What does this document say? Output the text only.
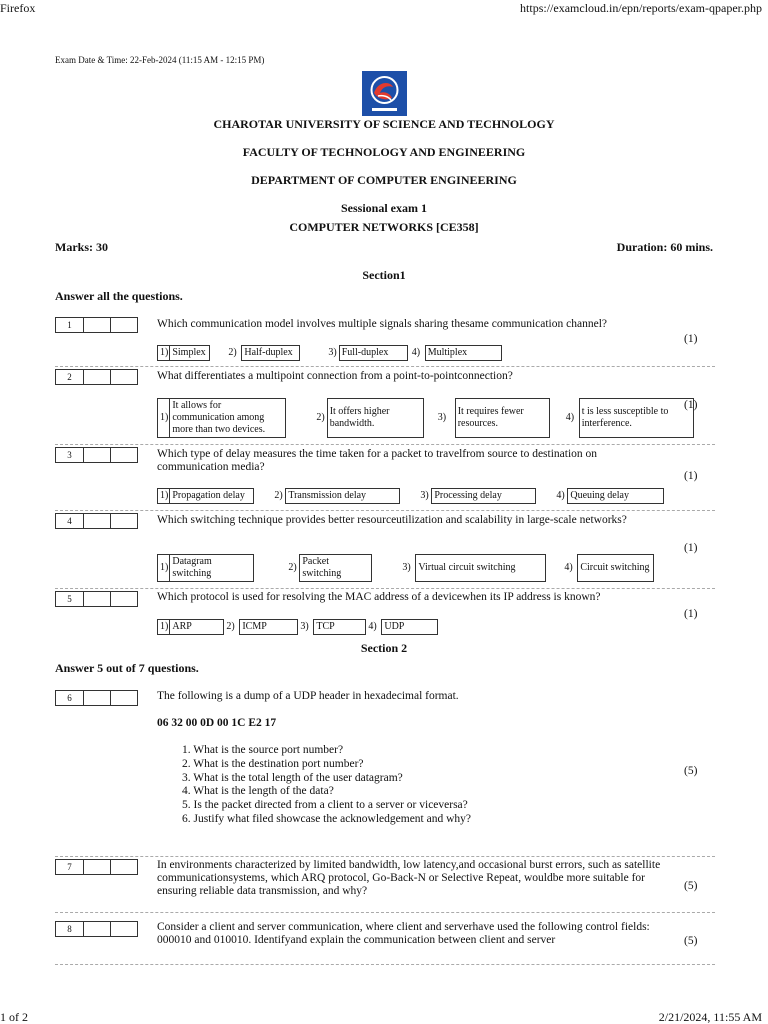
Firefox	https://examcloud.in/epn/reports/exam-qpaper.php
1 of 2	2/21/2024, 11:55 AM
Exam Date & Time: 22-Feb-2024 (11:15 AM - 12:15 PM)
CHAROTAR UNIVERSITY OF SCIENCE AND TECHNOLOGY
FACULTY OF TECHNOLOGY AND ENGINEERING
DEPARTMENT OF COMPUTER ENGINEERING
Sessional exam 1
COMPUTER NETWORKS [CE358]
Marks: 30	Duration: 60 mins.
Section1
Answer all the questions.
1	Which communication model involves multiple signals sharing thesame communication channel?
(1)
1)	Simplex	2)	Half-duplex	3)	Full-duplex	4)	Multiplex
2	What differentiates a multipoint connection from a point-to-pointconnection?
(1)
1)	It allows for communication among more than two devices.	2)	It offers higher bandwidth.	3)	It requires fewer resources.	4)	t is less susceptible to interference.
3	Which type of delay measures the time taken for a packet to travelfrom source to destination on communication media?
(1)
1)	Propagation delay	2)	Transmission delay	3)	Processing delay	4)	Queuing delay
4	Which switching technique provides better resourceutilization and scalability in large-scale networks?
(1)
1)	Datagram switching	2)	Packet switching	3)	Virtual circuit switching	4)	Circuit switching
5	Which protocol is used for resolving the MAC address of a devicewhen its IP address is known?
(1)
1)	ARP	2)	ICMP	3)	TCP	4)	UDP
Section 2
Answer 5 out of 7 questions.
6	The following is a dump of a UDP header in hexadecimal format.
06 32 00 0D 00 1C E2 17
1. What is the source port number?
2. What is the destination port number?
3. What is the total length of the user datagram?
4. What is the length of the data?
5. Is the packet directed from a client to a server or viceversa?
6. Justify what filed showcase the acknowledgement and why?
(5)
7	In environments characterized by limited bandwidth, low latency,and occasional burst errors, such as satellite communicationsystems, which ARQ protocol, Go-Back-N or Selective Repeat, wouldbe more suitable for ensuring reliable data transmission, and why?	(5)
8	Consider a client and server communication, where client and serverhave used the following control fields: 000010 and 010010. Identifyand explain the communication between client and server	(5)
